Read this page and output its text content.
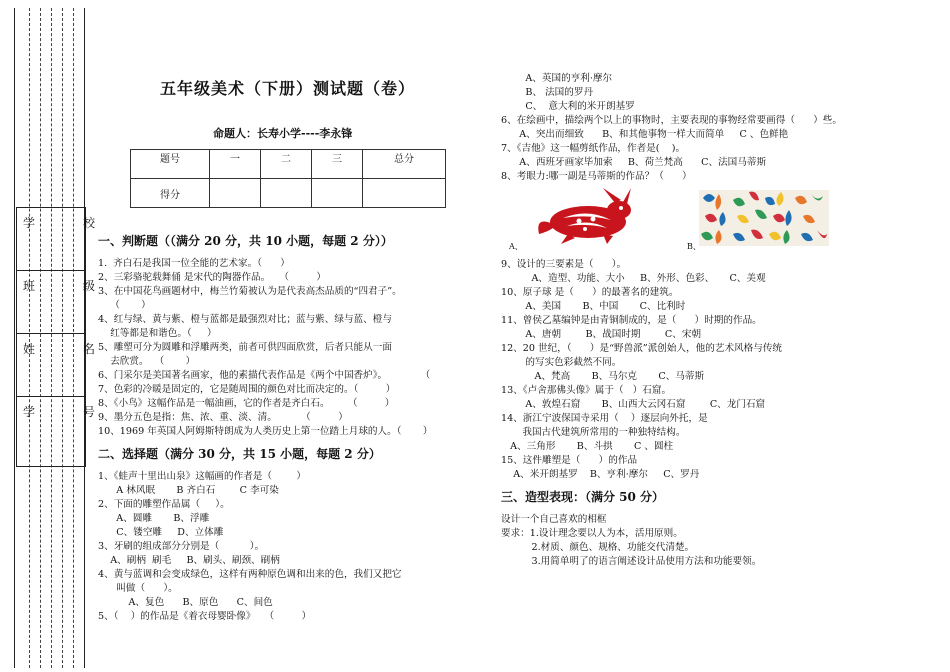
学　校
班　级
姓　名
学　号
五年级美术（下册）测试题（卷）
命题人：长寿小学----李永锋
题号	一	二	三	总分
得分				
一、判断题（（满分 20 分，共 10 小题，每题 2 分））
1.  齐白石是我国一位全能的艺术家。（      ）
2、三彩骆驼载舞俑 是宋代的陶器作品。   （         ）
3、在中国花鸟画题材中，梅兰竹菊被认为是代表高杰品质的“四君子”。
（       ）
4、红与绿、黄与紫、橙与蓝都是最强烈对比；蓝与紫、绿与蓝、橙与
红等都是和谐色。（     ）
5、雕塑可分为圆雕和浮雕两类，前者可供四面欣赏，后者只能从一面
去欣赏。  （       ）
6、门采尔是美国著名画家，他的素描代表作品是《两个中国香炉》。           （
7、色彩的冷暖是固定的，它是随周围的颜色对比而决定的。（         ）
8、《小鸟》这幅作品是一幅油画，它的作者是齐白石。      （         ）
9、墨分五色是指：焦、浓、重、淡、清。        （         ）
10、1969 年英国人阿姆斯特朗成为人类历史上第一位踏上月球的人。（       ）
二、选择题（满分 30 分，共 15 小题，每题 2 分）
1、《蛙声十里出山泉》这幅画的作者是（        ）
A 林风眠       B 齐白石        C 李可染
2、下面的雕塑作品属（     ）。
A、圆雕       B、浮雕
C、镂空雕     D、立体雕
3、牙刷的组成部分分别是（          ）。
A、刷柄  刷毛     B、刷头、刷颈、刷柄
4、黄与蓝调和会变成绿色，这样有两种原色调和出来的色，我们又把它
叫做（      ）。
A、复色      B、原色      C、间色
5、（    ）的作品是《着衣母婴卧像》   （         ）
A、英国的亨利·摩尔
B、 法国的罗丹
C、  意大利的米开朗基罗
6、在绘画中，描绘两个以上的事物时，主要表现的事物经常要画得（      ）些。
A、突出而细致      B、和其他事物一样大而简单     C 、色鲜艳
7、《吉他》这一幅剪纸作品，作者是(    )。
A、西班牙画家毕加索     B、荷兰梵高      C、法国马蒂斯
8、考眼力:哪一副是马蒂斯的作品？（      ）
A、	B、
9、设计的三要素是（      ）。
A、造型、功能、大小     B、外形、色彩、     C、美观
10、原子球 是（      ）的最著名的建筑。
A、美国       B、中国       C、比利时
11、曾侯乙墓编钟是由青铜制成的，是（      ）时期的作品。
A、唐朝        B、战国时期        C、宋朝
12、20 世纪，（      ）是“野兽派”派创始人，他的艺术风格与传统
的写实色彩截然不同。
A、梵高       B、马尔克       C、马蒂斯
13、《卢舍那佛头像》属于（   ）石窟。
A、敦煌石窟       B、山西大云冈石窟        C、龙门石窟
14、浙江宁波保国寺采用（    ）逐层向外托，是
我国古代建筑所常用的一种独特结构。
A、三角形       B、斗拱       C 、圆柱
15、这件雕塑是（      ）的作品
A、米开朗基罗    B、亨利·摩尔     C、罗丹
三、造型表现：（满分 50 分）
设计一个自己喜欢的相框
要求：1.设计理念要以人为本，活用原则。
2.材质、颜色、规格、功能交代清楚。
3.用简单明了的语言阐述设计品使用方法和功能要领。
